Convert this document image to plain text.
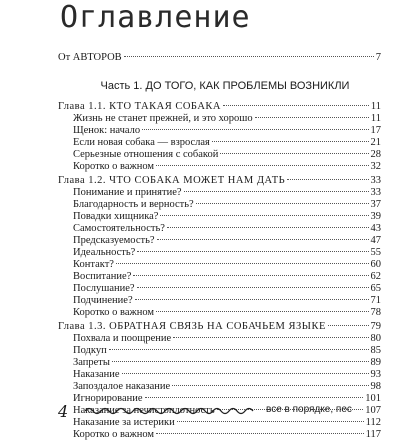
Оглавление
От АВТОРОВ	7
Часть 1. ДО ТОГО, КАК ПРОБЛЕМЫ ВОЗНИКЛИ
Глава 1.1. КТО ТАКАЯ СОБАКА	11
Жизнь не станет прежней, и это хорошо	11
Щенок: начало	17
Если новая собака — взрослая	21
Серьезные отношения с собакой	28
Коротко о важном	32
Глава 1.2. ЧТО СОБАКА МОЖЕТ НАМ ДАТЬ	33
Понимание и принятие?	33
Благодарность и верность?	37
Повадки хищника?	39
Самостоятельность?	43
Предсказуемость?	47
Идеальность?	55
Контакт?	60
Воспитание?	62
Послушание?	65
Подчинение?	71
Коротко о важном	78
Глава 1.3. ОБРАТНАЯ СВЯЗЬ НА СОБАЧЬЕМ ЯЗЫКЕ	79
Похвала и поощрение	80
Подкуп	85
Запреты	89
Наказание	93
Запоздалое наказание	98
Игнорирование	101
Наказание за нечистоплотность	107
Наказание за истерики	112
Коротко о важном	117
4	все в порядке, пес
